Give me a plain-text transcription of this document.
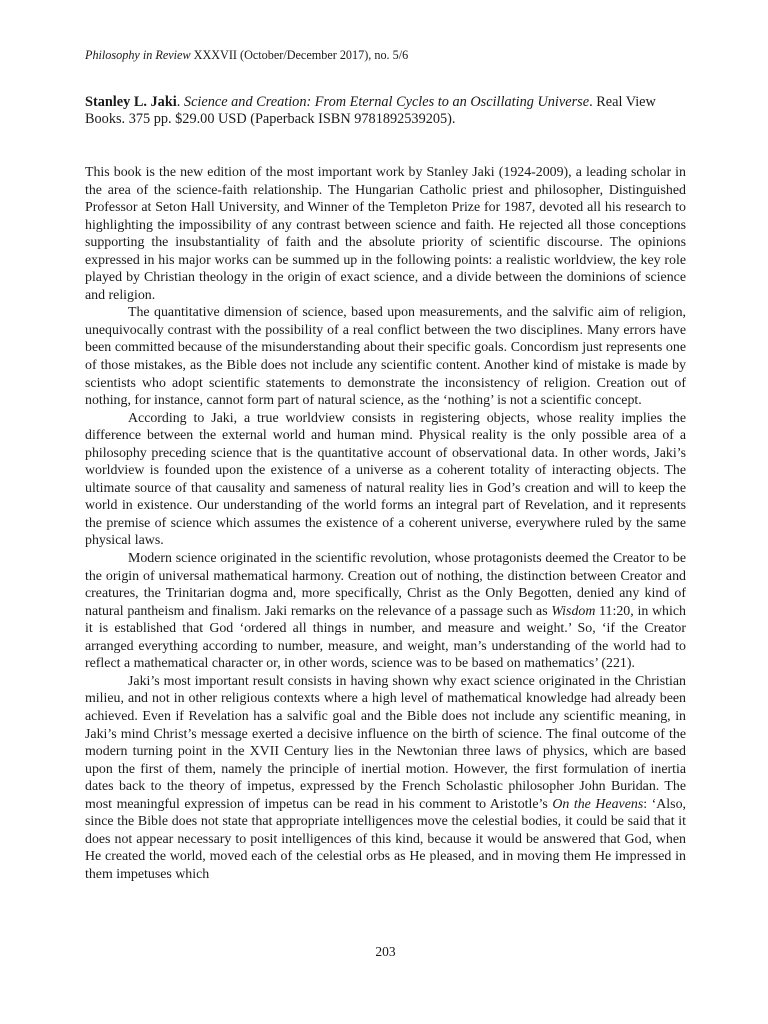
Philosophy in Review XXXVII (October/December 2017), no. 5/6
Stanley L. Jaki. Science and Creation: From Eternal Cycles to an Oscillating Universe. Real View Books. 375 pp. $29.00 USD (Paperback ISBN 9781892539205).

This book is the new edition of the most important work by Stanley Jaki (1924-2009), a leading scholar in the area of the science-faith relationship. The Hungarian Catholic priest and philosopher, Distinguished Professor at Seton Hall University, and Winner of the Templeton Prize for 1987, devoted all his research to highlighting the impossibility of any contrast between science and faith. He rejected all those conceptions supporting the insubstantiality of faith and the absolute priority of scientific discourse. The opinions expressed in his major works can be summed up in the following points: a realistic worldview, the key role played by Christian theology in the origin of exact science, and a divide between the dominions of science and religion.

The quantitative dimension of science, based upon measurements, and the salvific aim of religion, unequivocally contrast with the possibility of a real conflict between the two disciplines. Many errors have been committed because of the misunderstanding about their specific goals. Concordism just represents one of those mistakes, as the Bible does not include any scientific content. Another kind of mistake is made by scientists who adopt scientific statements to demonstrate the inconsistency of religion. Creation out of nothing, for instance, cannot form part of natural science, as the ‘nothing’ is not a scientific concept.

According to Jaki, a true worldview consists in registering objects, whose reality implies the difference between the external world and human mind. Physical reality is the only possible area of a philosophy preceding science that is the quantitative account of observational data. In other words, Jaki’s worldview is founded upon the existence of a universe as a coherent totality of interacting objects. The ultimate source of that causality and sameness of natural reality lies in God’s creation and will to keep the world in existence. Our understanding of the world forms an integral part of Revelation, and it represents the premise of science which assumes the existence of a coherent universe, everywhere ruled by the same physical laws.

Modern science originated in the scientific revolution, whose protagonists deemed the Creator to be the origin of universal mathematical harmony. Creation out of nothing, the distinction between Creator and creatures, the Trinitarian dogma and, more specifically, Christ as the Only Begotten, denied any kind of natural pantheism and finalism. Jaki remarks on the relevance of a passage such as Wisdom 11:20, in which it is established that God ‘ordered all things in number, and measure and weight.’ So, ‘if the Creator arranged everything according to number, measure, and weight, man’s understanding of the world had to reflect a mathematical character or, in other words, science was to be based on mathematics’ (221).

Jaki’s most important result consists in having shown why exact science originated in the Christian milieu, and not in other religious contexts where a high level of mathematical knowledge had already been achieved. Even if Revelation has a salvific goal and the Bible does not include any scientific meaning, in Jaki’s mind Christ’s message exerted a decisive influence on the birth of science. The final outcome of the modern turning point in the XVII Century lies in the Newtonian three laws of physics, which are based upon the first of them, namely the principle of inertial motion. However, the first formulation of inertia dates back to the theory of impetus, expressed by the French Scholastic philosopher John Buridan. The most meaningful expression of impetus can be read in his comment to Aristotle’s On the Heavens: ‘Also, since the Bible does not state that appropriate intelligences move the celestial bodies, it could be said that it does not appear necessary to posit intelligences of this kind, because it would be answered that God, when He created the world, moved each of the celestial orbs as He pleased, and in moving them He impressed in them impetuses which

203
